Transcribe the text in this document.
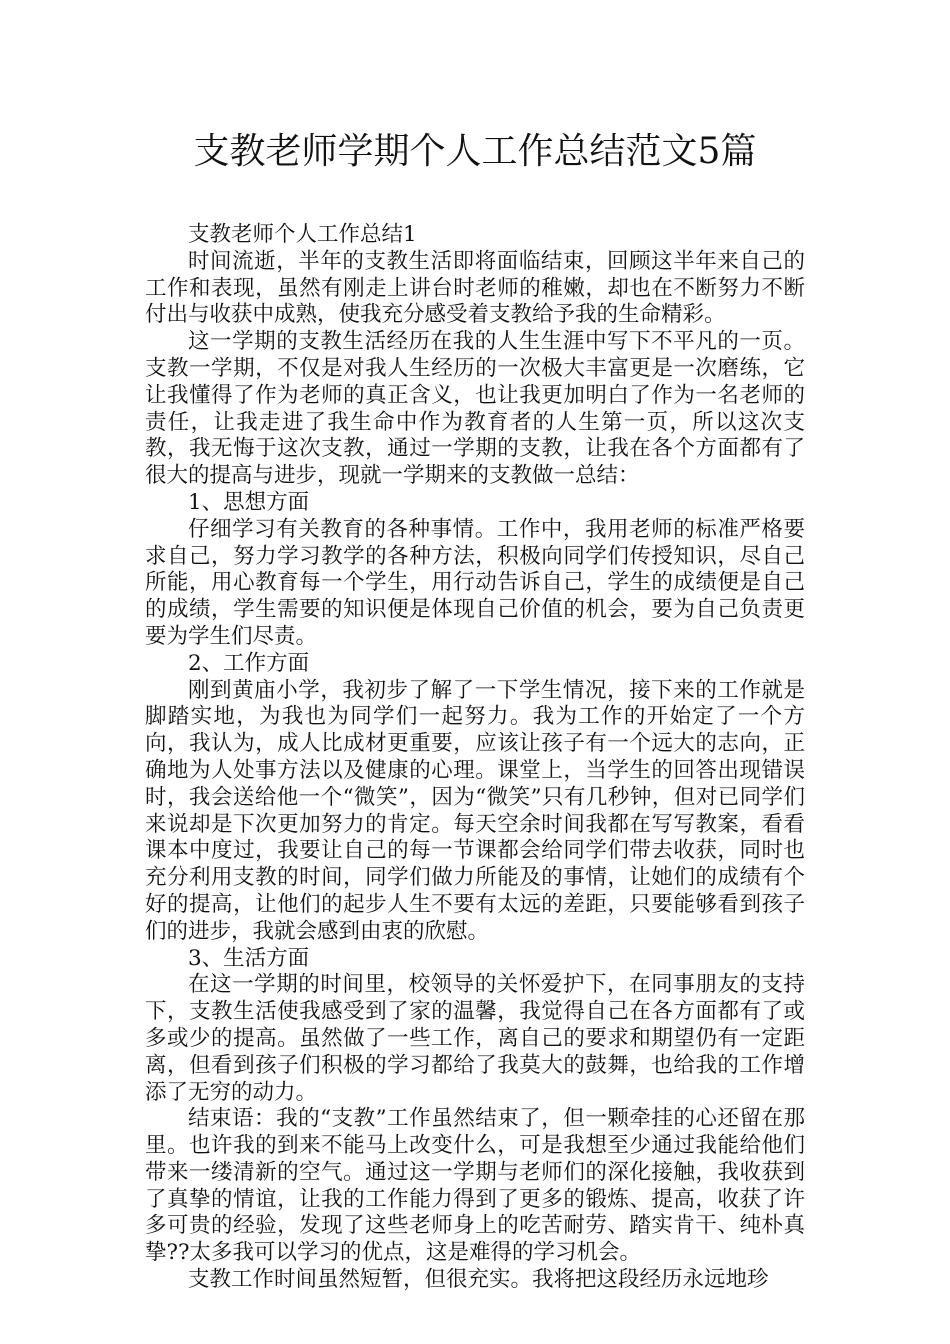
支教老师学期个人工作总结范文5篇

支教老师个人工作总结1

时间流逝，半年的支教生活即将面临结束，回顾这半年来自己的工作和表现，虽然有刚走上讲台时老师的稚嫩，却也在不断努力不断付出与收获中成熟，使我充分感受着支教给予我的生命精彩。

这一学期的支教生活经历在我的人生生涯中写下不平凡的一页。支教一学期，不仅是对我人生经历的一次极大丰富更是一次磨练，它让我懂得了作为老师的真正含义，也让我更加明白了作为一名老师的责任，让我走进了我生命中作为教育者的人生第一页，所以这次支教，我无悔于这次支教，通过一学期的支教，让我在各个方面都有了很大的提高与进步，现就一学期来的支教做一总结：

1、思想方面

仔细学习有关教育的各种事情。工作中，我用老师的标准严格要求自己，努力学习教学的各种方法，积极向同学们传授知识，尽自己所能，用心教育每一个学生，用行动告诉自己，学生的成绩便是自己的成绩，学生需要的知识便是体现自己价值的机会，要为自己负责更要为学生们尽责。

2、工作方面

刚到黄庙小学，我初步了解了一下学生情况，接下来的工作就是脚踏实地，为我也为同学们一起努力。我为工作的开始定了一个方向，我认为，成人比成材更重要，应该让孩子有一个远大的志向，正确地为人处事方法以及健康的心理。课堂上，当学生的回答出现错误时，我会送给他一个“微笑”，因为“微笑”只有几秒钟，但对已同学们来说却是下次更加努力的肯定。每天空余时间我都在写写教案，看看课本中度过，我要让自己的每一节课都会给同学们带去收获，同时也充分利用支教的时间，同学们做力所能及的事情，让她们的成绩有个好的提高，让他们的起步人生不要有太远的差距，只要能够看到孩子们的进步，我就会感到由衷的欣慰。

3、生活方面

在这一学期的时间里，校领导的关怀爱护下，在同事朋友的支持下，支教生活使我感受到了家的温馨，我觉得自己在各方面都有了或多或少的提高。虽然做了一些工作，离自己的要求和期望仍有一定距离，但看到孩子们积极的学习都给了我莫大的鼓舞，也给我的工作增添了无穷的动力。

结束语：我的“支教”工作虽然结束了，但一颗牵挂的心还留在那里。也许我的到来不能马上改变什么，可是我想至少通过我能给他们带来一缕清新的空气。通过这一学期与老师们的深化接触，我收获到了真挚的情谊，让我的工作能力得到了更多的锻炼、提高，收获了许多可贵的经验，发现了这些老师身上的吃苦耐劳、踏实肯干、纯朴真挚??太多我可以学习的优点，这是难得的学习机会。

支教工作时间虽然短暂，但很充实。我将把这段经历永远地珍
